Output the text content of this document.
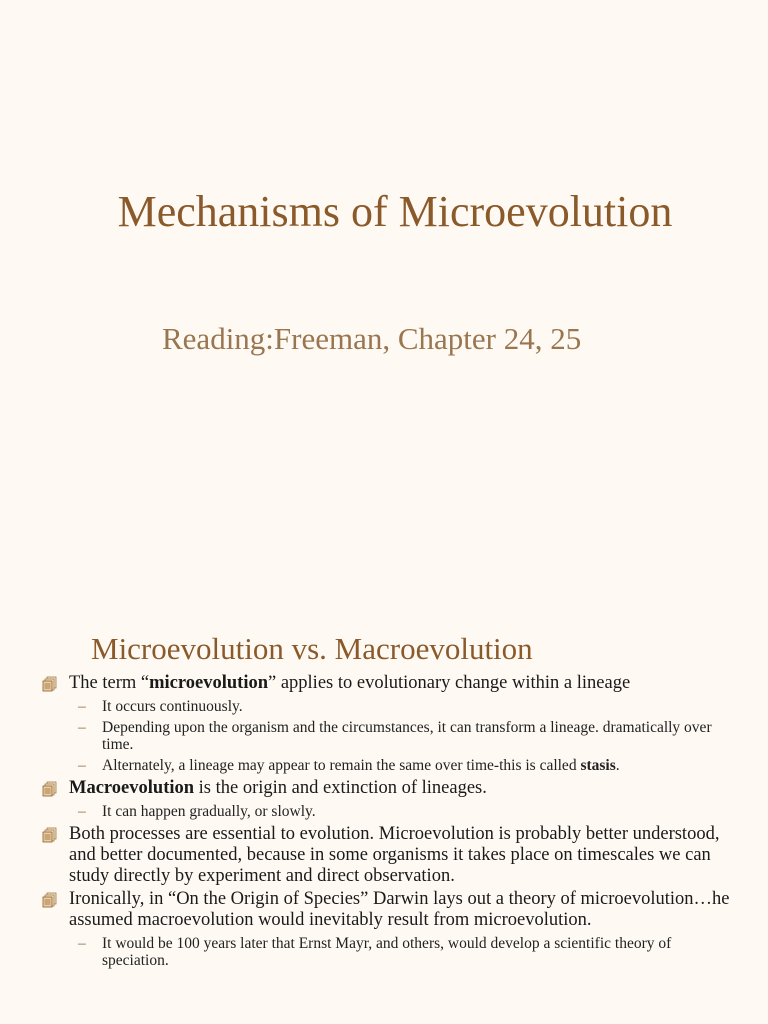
Mechanisms of Microevolution
Reading:Freeman, Chapter 24, 25
Microevolution vs. Macroevolution
The term “microevolution” applies to evolutionary change within a lineage
– It occurs continuously.
– Depending upon the organism and the circumstances, it can transform a lineage. dramatically over time.
– Alternately, a lineage may appear to remain the same over time-this is called stasis.
Macroevolution is the origin and extinction of lineages.
– It can happen gradually, or slowly.
Both processes are essential to evolution. Microevolution is probably better understood, and better documented, because in some organisms it takes place on timescales we can study directly by experiment and direct observation.
Ironically, in “On the Origin of Species” Darwin lays out a theory of microevolution…he assumed macroevolution would inevitably result from microevolution.
– It would be 100 years later that Ernst Mayr, and others, would develop a scientific theory of speciation.
